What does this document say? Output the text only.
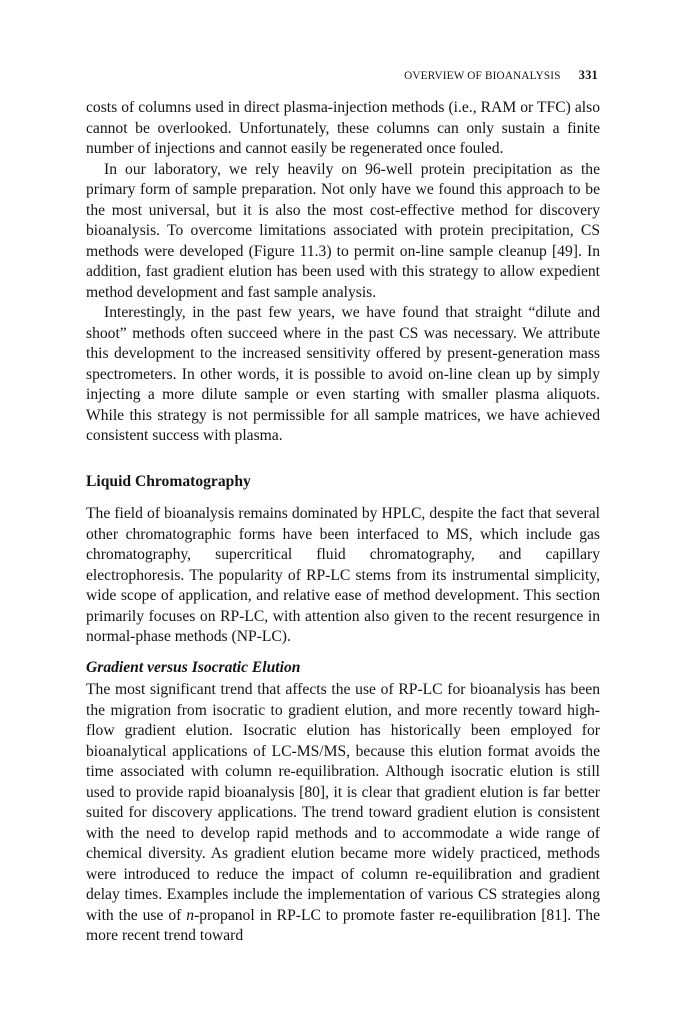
OVERVIEW OF BIOANALYSIS 331

costs of columns used in direct plasma-injection methods (i.e., RAM or TFC) also cannot be overlooked. Unfortunately, these columns can only sustain a finite number of injections and cannot easily be regenerated once fouled.

In our laboratory, we rely heavily on 96-well protein precipitation as the primary form of sample preparation. Not only have we found this approach to be the most universal, but it is also the most cost-effective method for discovery bioanalysis. To overcome limitations associated with protein precipitation, CS methods were developed (Figure 11.3) to permit on-line sample cleanup [49]. In addition, fast gradient elution has been used with this strategy to allow expedient method development and fast sample analysis.

Interestingly, in the past few years, we have found that straight “dilute and shoot” methods often succeed where in the past CS was necessary. We attribute this development to the increased sensitivity offered by present-generation mass spectrometers. In other words, it is possible to avoid on-line clean up by simply injecting a more dilute sample or even starting with smaller plasma aliquots. While this strategy is not permissible for all sample matrices, we have achieved consistent success with plasma.

Liquid Chromatography

The field of bioanalysis remains dominated by HPLC, despite the fact that several other chromatographic forms have been interfaced to MS, which include gas chromatography, supercritical fluid chromatography, and capillary electrophoresis. The popularity of RP-LC stems from its instrumental simplicity, wide scope of application, and relative ease of method development. This section primarily focuses on RP-LC, with attention also given to the recent resurgence in normal-phase methods (NP-LC).

Gradient versus Isocratic Elution

The most significant trend that affects the use of RP-LC for bioanalysis has been the migration from isocratic to gradient elution, and more recently toward high-flow gradient elution. Isocratic elution has historically been employed for bioanalytical applications of LC-MS/MS, because this elution format avoids the time associated with column re-equilibration. Although isocratic elution is still used to provide rapid bioanalysis [80], it is clear that gradient elution is far better suited for discovery applications. The trend toward gradient elution is consistent with the need to develop rapid methods and to accommodate a wide range of chemical diversity. As gradient elution became more widely practiced, methods were introduced to reduce the impact of column re-equilibration and gradient delay times. Examples include the implementation of various CS strategies along with the use of n-propanol in RP-LC to promote faster re-equilibration [81]. The more recent trend toward
